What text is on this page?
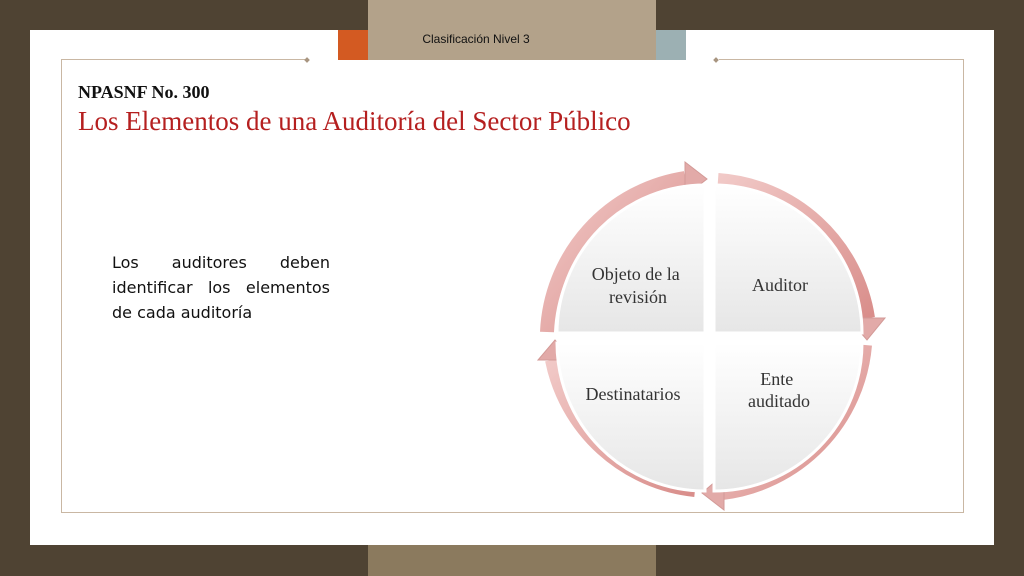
Clasificación Nivel 3
NPASNF No. 300
Los Elementos de una Auditoría del Sector Público

Los auditores deben identificar los elementos de cada auditoría

Objeto de la revisión
Auditor
Ente auditado
Destinatarios
